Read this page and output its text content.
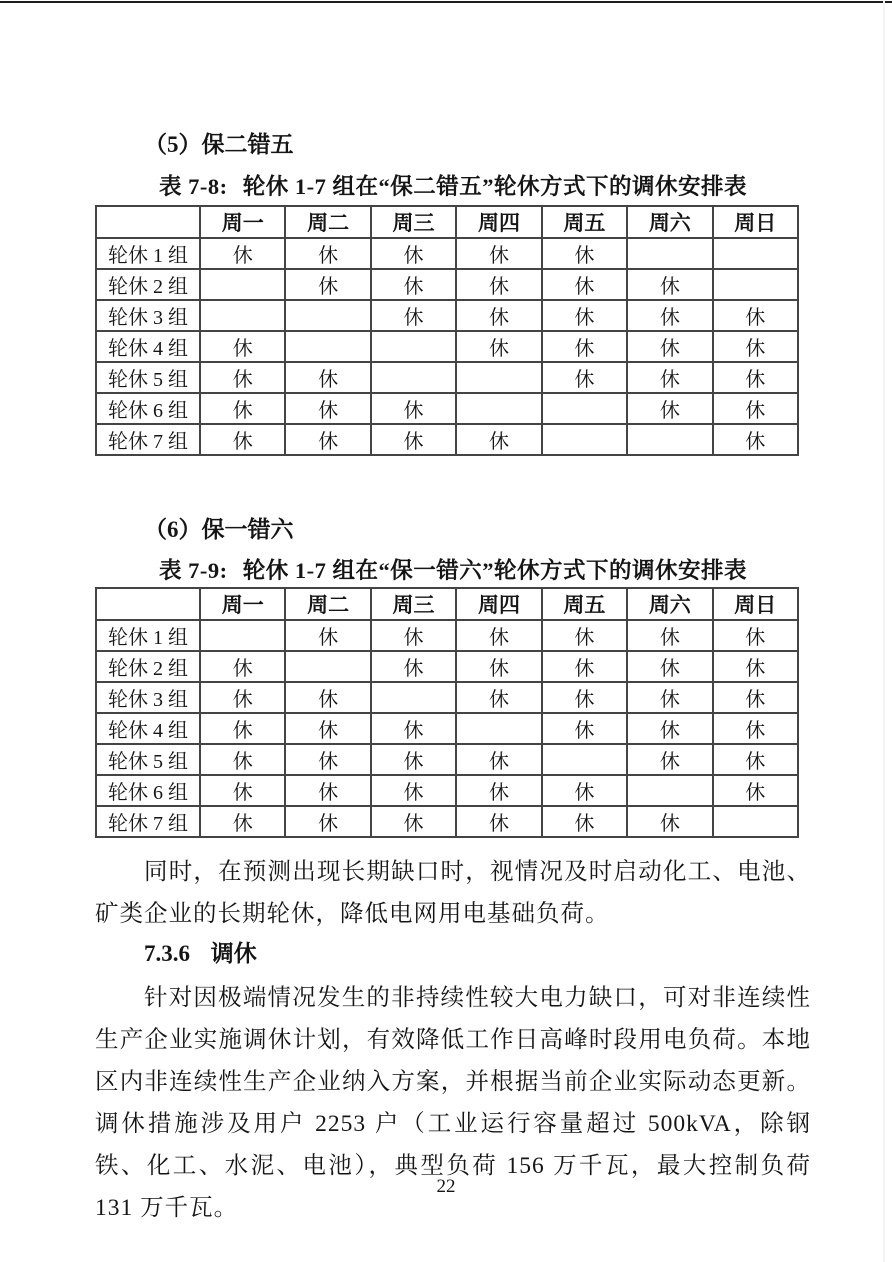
（5）保二错五
表 7-8: 轮休 1-7 组在“保二错五”轮休方式下的调休安排表
	周一	周二	周三	周四	周五	周六	周日
轮休 1 组	休	休	休	休	休		
轮休 2 组		休	休	休	休	休	
轮休 3 组			休	休	休	休	休
轮休 4 组	休			休	休	休	休
轮休 5 组	休	休			休	休	休
轮休 6 组	休	休	休			休	休
轮休 7 组	休	休	休	休			休
（6）保一错六
表 7-9: 轮休 1-7 组在“保一错六”轮休方式下的调休安排表
	周一	周二	周三	周四	周五	周六	周日
轮休 1 组		休	休	休	休	休	休
轮休 2 组	休		休	休	休	休	休
轮休 3 组	休	休		休	休	休	休
轮休 4 组	休	休	休		休	休	休
轮休 5 组	休	休	休	休		休	休
轮休 6 组	休	休	休	休	休		休
轮休 7 组	休	休	休	休	休	休	

同时，在预测出现长期缺口时，视情况及时启动化工、电池、矿类企业的长期轮休，降低电网用电基础负荷。

7.3.6 调休

针对因极端情况发生的非持续性较大电力缺口，可对非连续性生产企业实施调休计划，有效降低工作日高峰时段用电负荷。本地区内非连续性生产企业纳入方案，并根据当前企业实际动态更新。调休措施涉及用户 2253 户（工业运行容量超过 500kVA，除钢铁、化工、水泥、电池），典型负荷 156 万千瓦，最大控制负荷 131 万千瓦。

22
